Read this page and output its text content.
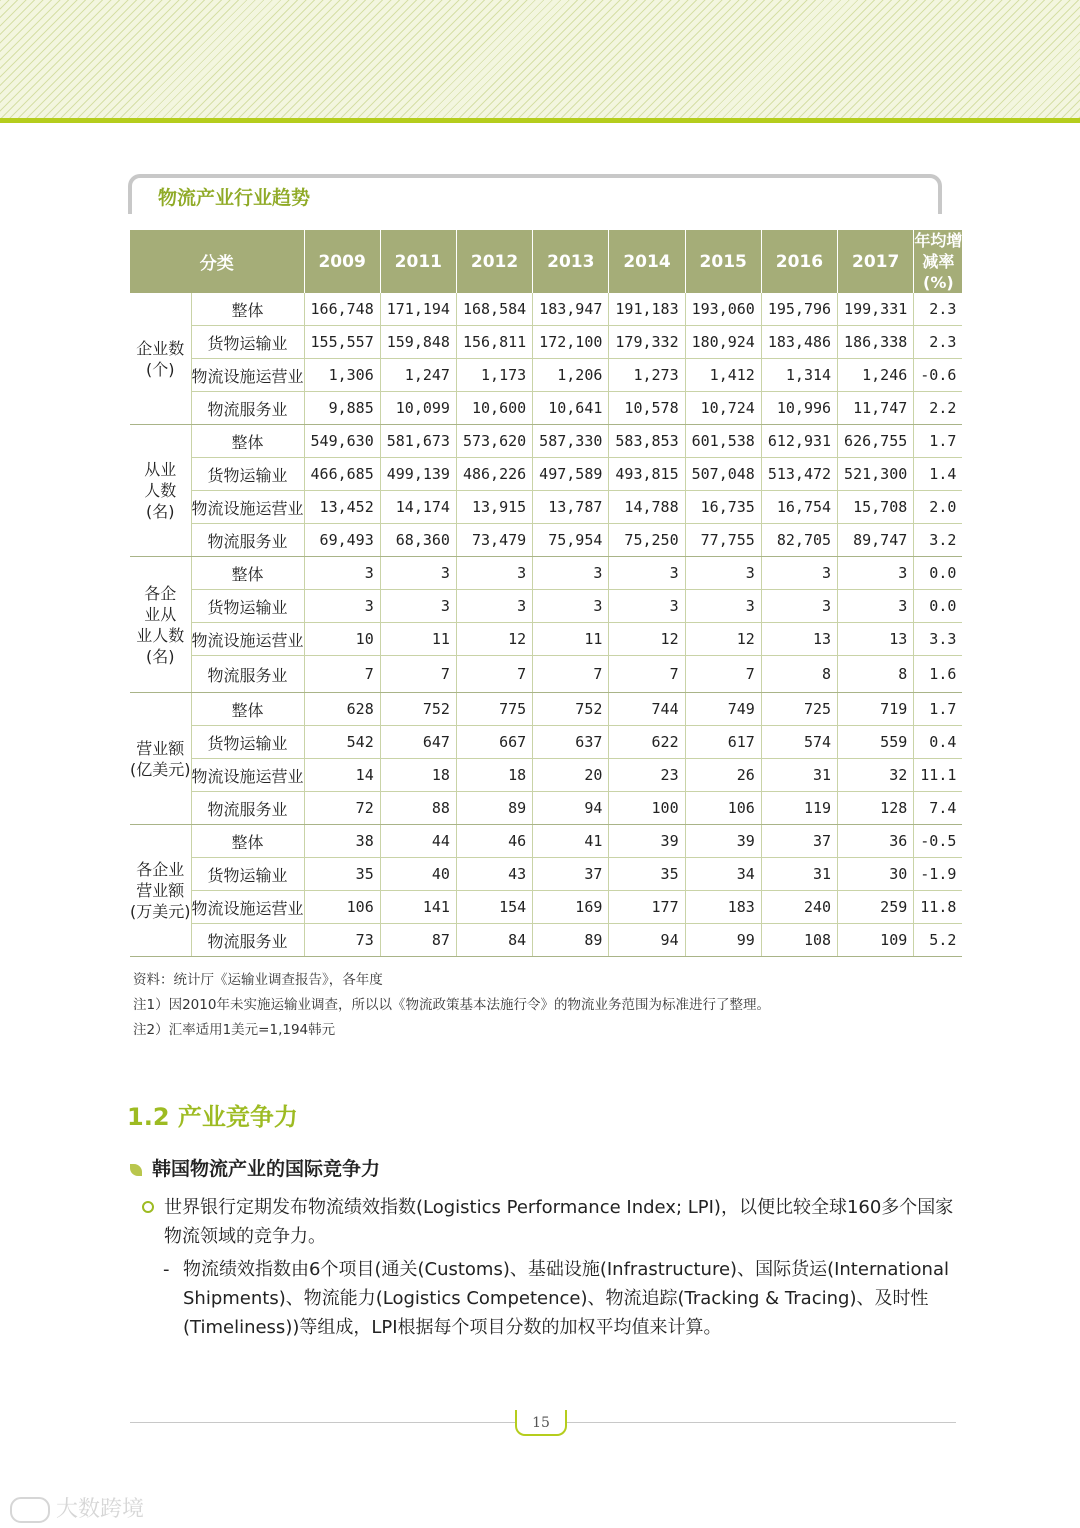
物流产业行业趋势
分类		2009	2011	2012	2013	2014	2015	2016	2017	年均增
减率(%)
企业数
(个)	整体	166,748	171,194	168,584	183,947	191,183	193,060	195,796	199,331	2.3
	货物运输业	155,557	159,848	156,811	172,100	179,332	180,924	183,486	186,338	2.3
	物流设施运营业	1,306	1,247	1,173	1,206	1,273	1,412	1,314	1,246	-0.6
	物流服务业	9,885	10,099	10,600	10,641	10,578	10,724	10,996	11,747	2.2
从业
人数
(名)	整体	549,630	581,673	573,620	587,330	583,853	601,538	612,931	626,755	1.7
	货物运输业	466,685	499,139	486,226	497,589	493,815	507,048	513,472	521,300	1.4
	物流设施运营业	13,452	14,174	13,915	13,787	14,788	16,735	16,754	15,708	2.0
	物流服务业	69,493	68,360	73,479	75,954	75,250	77,755	82,705	89,747	3.2
各企
业从
业人数
(名)	整体	3	3	3	3	3	3	3	3	0.0
	货物运输业	3	3	3	3	3	3	3	3	0.0
	物流设施运营业	10	11	12	11	12	12	13	13	3.3
	物流服务业	7	7	7	7	7	7	8	8	1.6
营业额
(亿美元)	整体	628	752	775	752	744	749	725	719	1.7
	货物运输业	542	647	667	637	622	617	574	559	0.4
	物流设施运营业	14	18	18	20	23	26	31	32	11.1
	物流服务业	72	88	89	94	100	106	119	128	7.4
各企业
营业额
(万美元)	整体	38	44	46	41	39	39	37	36	-0.5
	货物运输业	35	40	43	37	35	34	31	30	-1.9
	物流设施运营业	106	141	154	169	177	183	240	259	11.8
	物流服务业	73	87	84	89	94	99	108	109	5.2
资料：统计厅《运输业调查报告》，各年度
注1）因2010年未实施运输业调查，所以以《物流政策基本法施行令》的物流业务范围为标准进行了整理。
注2）汇率适用1美元=1,194韩元
1.2 产业竞争力
韩国物流产业的国际竞争力
世界银行定期发布物流绩效指数(Logistics Performance Index; LPI)，以便比较全球160多个国家物流领域的竞争力。
- 物流绩效指数由6个项目(通关(Customs)、基础设施(Infrastructure)、国际货运(International Shipments)、物流能力(Logistics Competence)、物流追踪(Tracking & Tracing)、及时性(Timeliness))等组成，LPI根据每个项目分数的加权平均值来计算。
15
大数跨境
